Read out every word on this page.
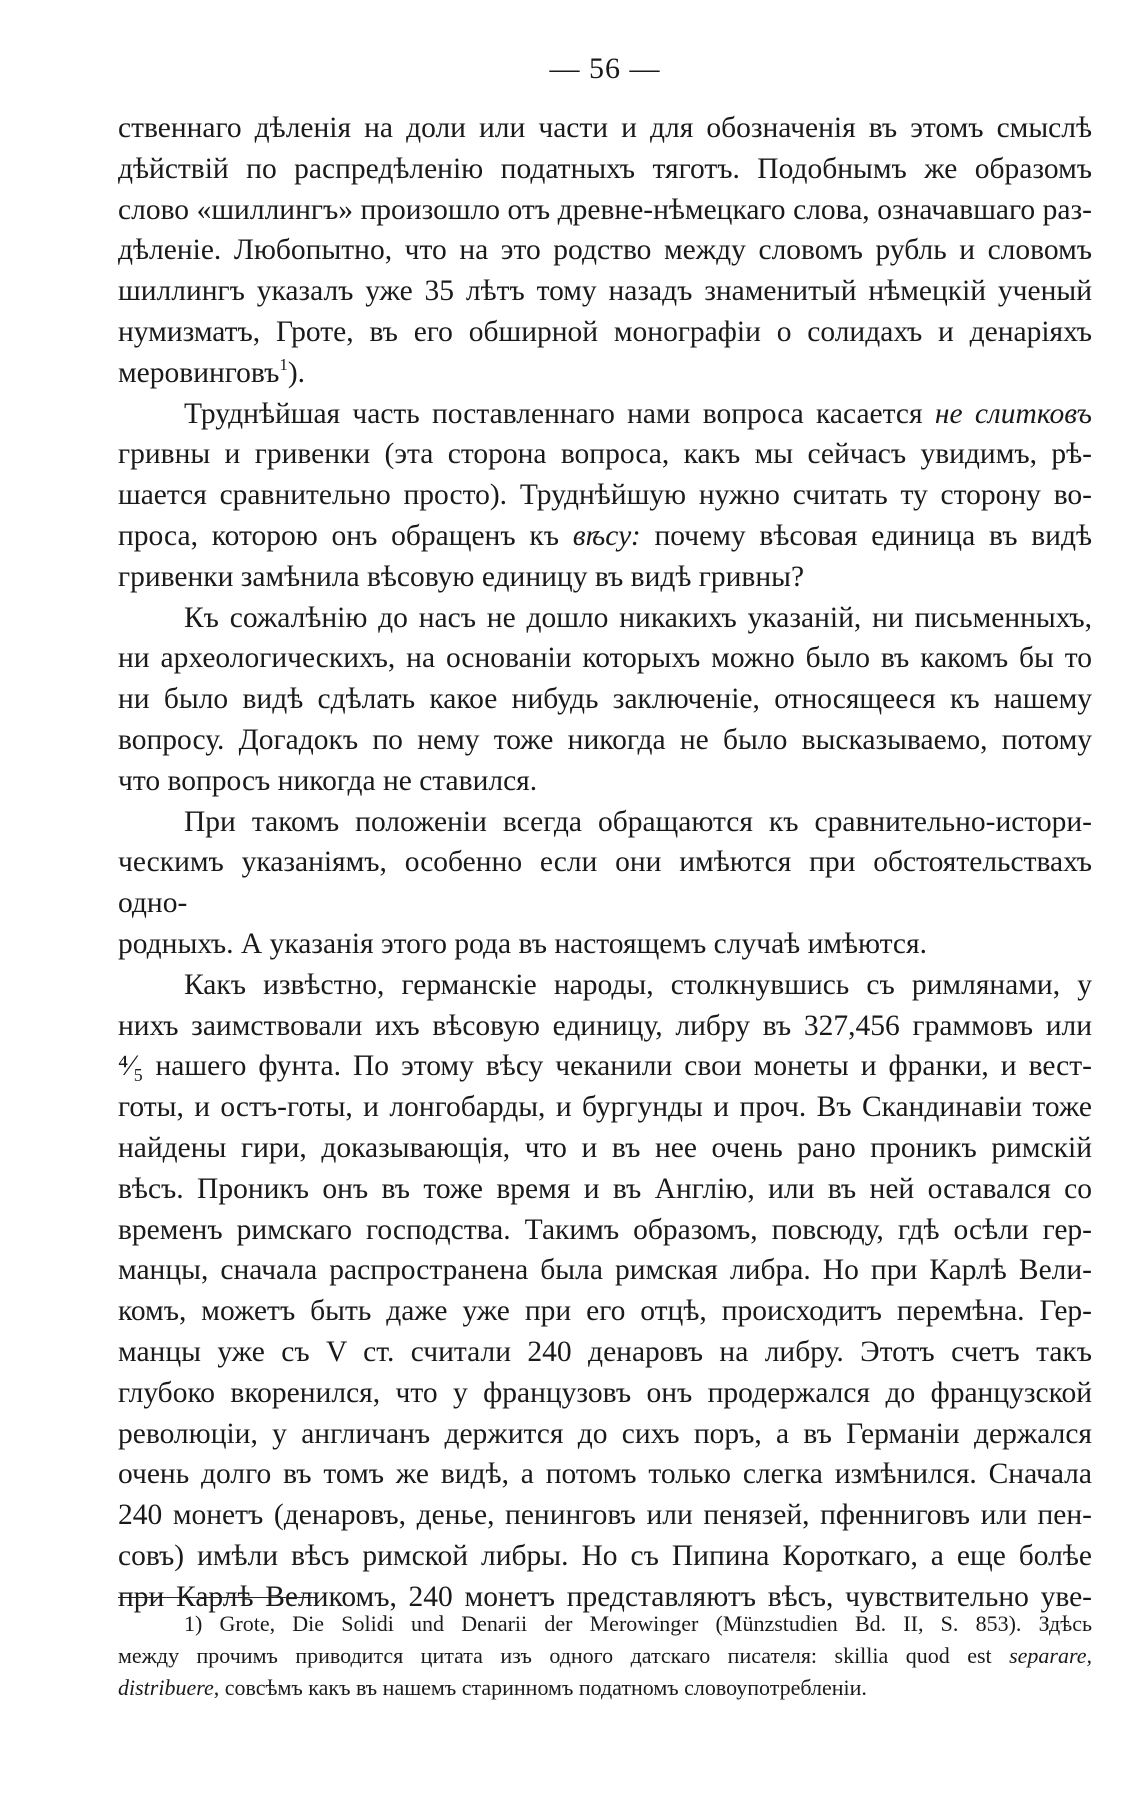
— 56 —

ственнаго дѣленія на доли или части и для обозначенія въ этомъ смыслѣ
дѣйствій по распредѣленію податныхъ тяготъ. Подобнымъ же образомъ
слово «шиллингъ» произошло отъ древне-нѣмецкаго слова, означавшаго раз-
дѣленіе. Любопытно, что на это родство между словомъ рубль и словомъ
шиллингъ указалъ уже 35 лѣтъ тому назадъ знаменитый нѣмецкій ученый
нумизматъ, Гроте, въ его обширной монографіи о солидахъ и денаріяхъ
меровинговъ$^1$).

Труднѣйшая часть поставленнаго нами вопроса касается не слитковъ
гривны и гривенки (эта сторона вопроса, какъ мы сейчасъ увидимъ, рѣ-
шается сравнительно просто). Труднѣйшую нужно считать ту сторону во-
проса, которою онъ обращенъ къ вѣсу: почему вѣсовая единица въ видѣ
гривенки замѣнила вѣсовую единицу въ видѣ гривны?

Къ сожалѣнію до насъ не дошло никакихъ указаній, ни письменныхъ,
ни археологическихъ, на основаніи которыхъ можно было въ какомъ бы то
ни было видѣ сдѣлать какое нибудь заключеніе, относящееся къ нашему
вопросу. Догадокъ по нему тоже никогда не было высказываемо, потому
что вопросъ никогда не ставился.

При такомъ положеніи всегда обращаются къ сравнительно-истори-
ческимъ указаніямъ, особенно если они имѣются при обстоятельствахъ одно-
родныхъ. А указанія этого рода въ настоящемъ случаѣ имѣются.

Какъ извѣстно, германскіе народы, столкнувшись съ римлянами, у
нихъ заимствовали ихъ вѣсовую единицу, либру въ 327,456 граммовъ или
⁴⁄₅ нашего фунта. По этому вѣсу чеканили свои монеты и франки, и вест-
готы, и остъ-готы, и лонгобарды, и бургунды и проч. Въ Скандинавіи тоже
найдены гири, доказывающія, что и въ нее очень рано проникъ римскій
вѣсъ. Проникъ онъ въ тоже время и въ Англію, или въ ней оставался со
временъ римскаго господства. Такимъ образомъ, повсюду, гдѣ осѣли гер-
манцы, сначала распространена была римская либра. Но при Карлѣ Вели-
комъ, можетъ быть даже уже при его отцѣ, происходитъ перемѣна. Гер-
манцы уже съ V ст. считали 240 денаровъ на либру. Этотъ счетъ такъ
глубоко вкоренился, что у французовъ онъ продержался до французской
революціи, у англичанъ держится до сихъ поръ, а въ Германіи держался
очень долго въ томъ же видѣ, а потомъ только слегка измѣнился. Сначала
240 монетъ (денаровъ, денье, пенинговъ или пенязей, пфенниговъ или пен-
совъ) имѣли вѣсъ римской либры. Но съ Пипина Короткаго, а еще болѣе
при Карлѣ Великомъ, 240 монетъ представляютъ вѣсъ, чувствительно уве-

1) Grote, Die Solidi und Denarii der Merowinger (Münzstudien Bd. II, S. 853). Здѣсь
между прочимъ приводится цитата изъ одного датскаго писателя: skillia quod est separare,
distribuere, совсѣмъ какъ въ нашемъ старинномъ податномъ словоупотребленіи.
